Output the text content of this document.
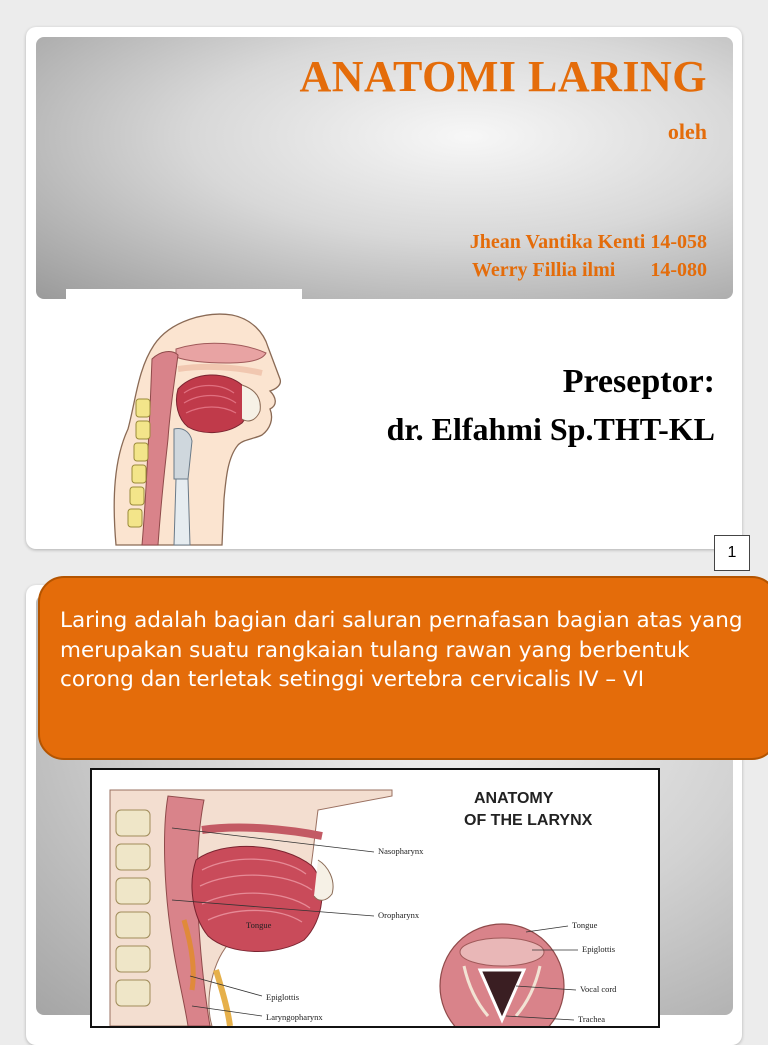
ANATOMI LARING
oleh
Jhean Vantika Kenti 14-058
Werry Fillia ilmi       14-080
Preseptor:
dr. Elfahmi Sp.THT-KL
1
Laring adalah bagian dari saluran pernafasan bagian atas yang merupakan suatu rangkaian tulang rawan yang berbentuk corong dan terletak setinggi vertebra cervicalis IV – VI
ANATOMY
OF THE LARYNX
Nasopharynx
Tongue
Oropharynx
Epiglottis
Laryngopharynx
Tongue
Epiglottis
Vocal cord
Trachea
